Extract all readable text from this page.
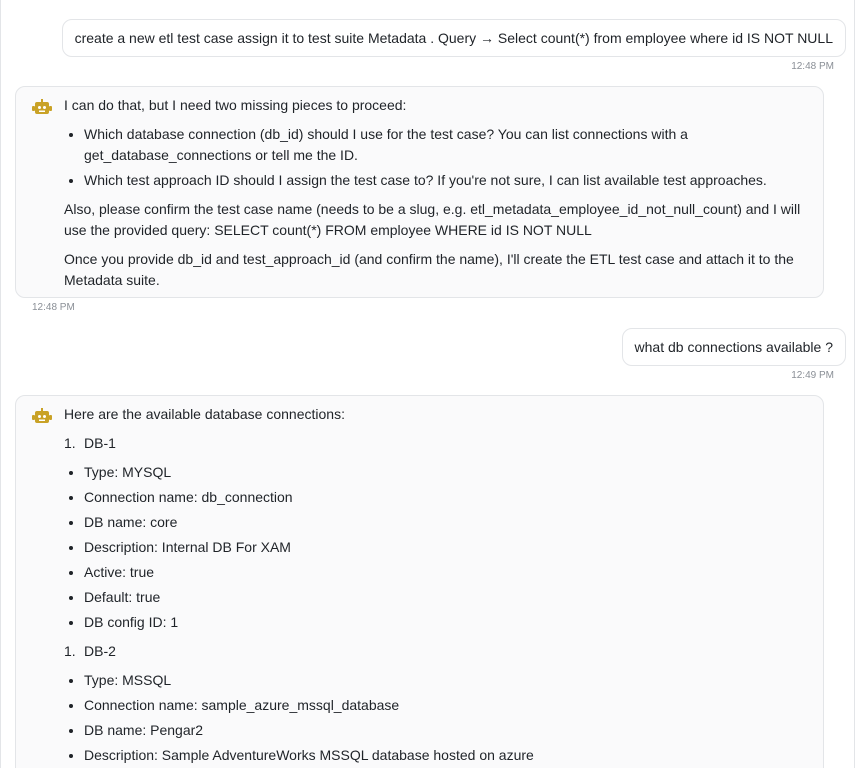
create a new etl test case assign it to test suite Metadata . Query → Select count(*) from employee where id IS NOT NULL
12:48 PM

I can do that, but I need two missing pieces to proceed:

• Which database connection (db_id) should I use for the test case? You can list connections with a get_database_connections or tell me the ID.
• Which test approach ID should I assign the test case to? If you're not sure, I can list available test approaches.

Also, please confirm the test case name (needs to be a slug, e.g. etl_metadata_employee_id_not_null_count) and I will use the provided query: SELECT count(*) FROM employee WHERE id IS NOT NULL

Once you provide db_id and test_approach_id (and confirm the name), I'll create the ETL test case and attach it to the Metadata suite.

12:48 PM
what db connections available ?
12:49 PM

Here are the available database connections:

1. DB-1
• Type: MYSQL
• Connection name: db_connection
• DB name: core
• Description: Internal DB For XAM
• Active: true
• Default: true
• DB config ID: 1
1. DB-2
• Type: MSSQL
• Connection name: sample_azure_mssql_database
• DB name: Pengar2
• Description: Sample AdventureWorks MSSQL database hosted on azure
